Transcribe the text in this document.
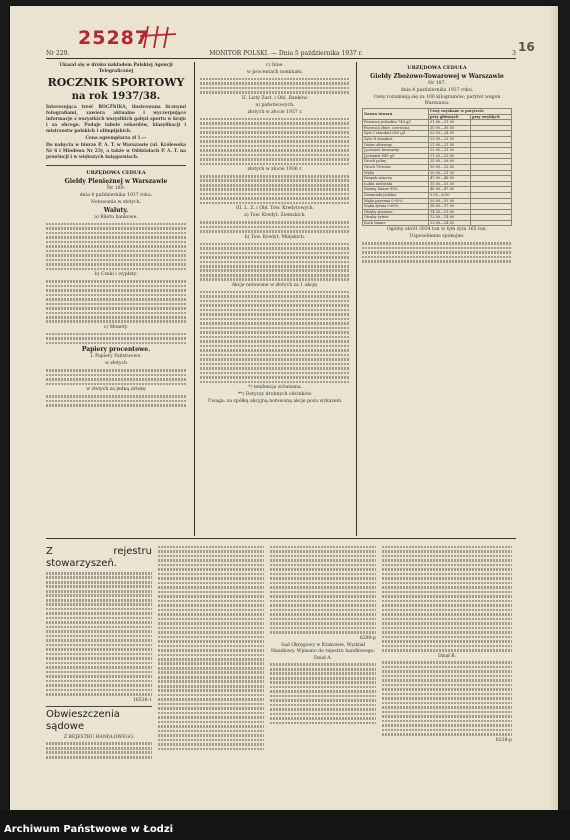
25287	16
Nr 229.	MONITOR POLSKI. — Dnia 5 października 1937 r.	3
Ukazał się w druku nakładem Polskiej Agencji Telegraficznej
ROCZNIK SPORTOWY
na rok 1937/38.

Interesująca treść ROCZNIKA, ilustrowana licznymi fotografiami, zawiera aktualne i wyczerpujące informacje z wszystkich wszystkich gałęzi sportu w kraju i za obcego. Podaje tabele rekordów, klasyfikacji i mistrzostw polskich i olimpijskich.

Cena egzemplarza zł 1.—

Do nabycia w biurze P. A. T. w Warszawie (ul. Królewska Nr 6 i Miodowa Nr 23), a także w Oddziałach P. A. T. na prowincji i w większych księgarniach.

URZĘDOWA CEDUŁA
Giełdy Pieniężnej w Warszawie
Nr 189.
dnia 4 października 1937 roku.
Notowania w złotych.
Waluty.
a) Biletu bankowe.
b) Czeki i wypłaty.
c) Monety.
Papiery procentowe.
I. Papiery Państwowe.
w złotych
w złotych za jedną sztukę
c) Inne.
w procentach nominału.
II. Listy Zast. i Obl. Banków.
a) państwowych.
złotych w złocie 1937 r.
złotych w złocie 1936 r.
III. L. Z. i Obl. Tow. Kredytowych.
a) Tow. Kredyt. Ziemskich.
b) Tow. Kredyt. Miejskich.
Akcje notowane w złotych za 1 akcję.
*) tendencja zrównana.
**) Dotyczy drobnych odcinków.
Uwaga: za spółkę akcyjną notowaną akcje poza wykazem.
URZĘDOWA CEDUŁA
Giełdy Zbożowo-Towarowej w Warszawie
Nr 187.
dnia 4 października 1937 roku.
Ceny rozumieją się za 100 kilogramów; parytet wagon Warszawa.
Nazwa towaru	Ceny uzyskane w parytecie	
	przy głównych	przy zwykłych
Pszenica jednolita 748 g/l	31.00—31.50	
Pszenica zbier. czerwona	30.00—30.50	
Żyto I standart 693 g/l	23.50—24.00	
Żyto II standart	23.00—23.50	
Owies zbierany	21.00—21.50	
Jęczmień browarny	22.00—22.50	
Jęczmień 649 g/l	21.50—22.00	
Groch polny	25.00—26.00	
Groch Victoria	30.00—32.00	
Wyka	20.50—21.50	
Rzepak zimowy	47.00—48.00	
Łubin niebieski	15.00—15.50	
Siemię lniane 90%	46.00—47.00	
Ziemniaki jadalne	5.50—6.00	
Mąka pszenna 0-50%	50.00—55.00	
Mąka żytnia 0-65%	36.00—37.00	
Otręby pszenne	14.50—15.00	
Otręby żytnie	13.50—14.00	
Kuch lniane	23.00—24.00	
Ogólny obrót 3054 ton w tym żyta 165 ton.
Usposobienie spokojne.
Z rejestru stowarzyszeń.
16538-1
Obwieszczenia sądowe
Z REJESTRU HANDLOWEGO.
6290-p

Sąd Okręgowy w Krakowie, Wydział Handlowy. Wpisano do rejestru handlowego:

Dział A.	Dział B.
6238-p
Archiwum Państwowe w Łodzi
